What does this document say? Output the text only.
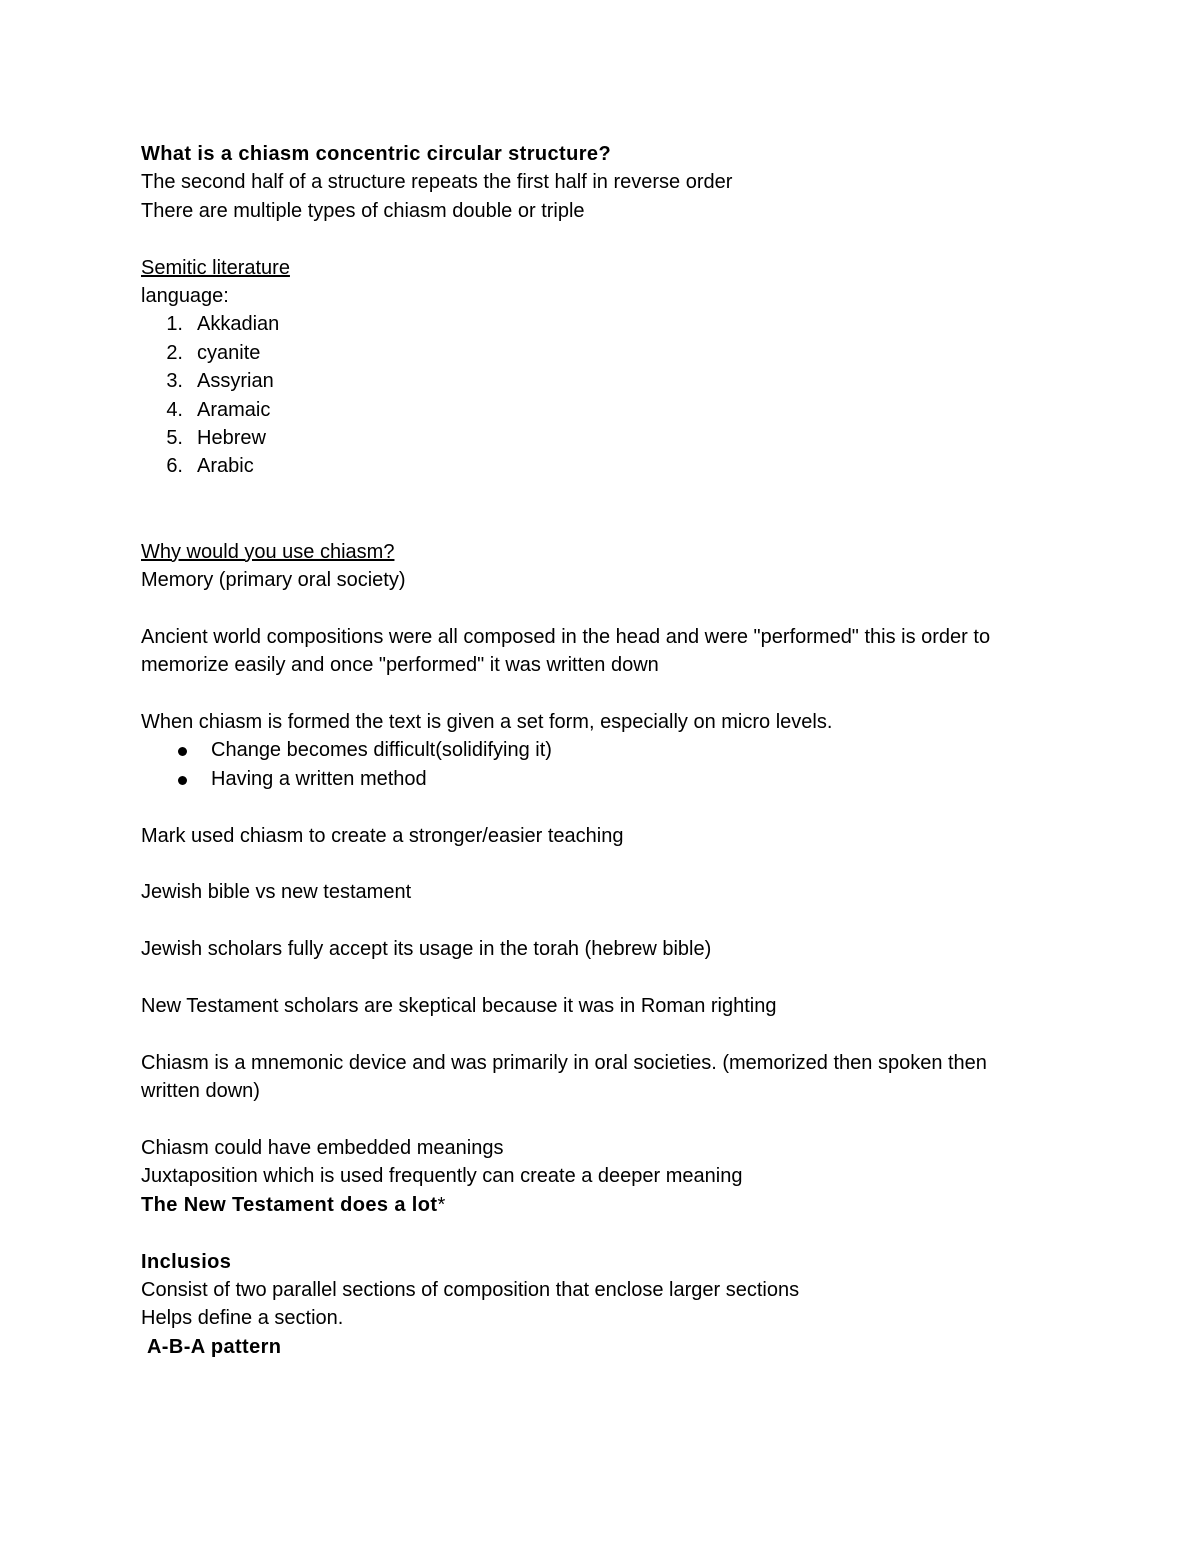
What is a chiasm concentric circular structure?

The second half of a structure repeats the first half in reverse order

There are multiple types of chiasm double or triple

Semitic literature

language:

1. Akkadian
2. cyanite
3. Assyrian
4. Aramaic
5. Hebrew
6. Arabic

Why would you use chiasm?

Memory (primary oral society)

Ancient world compositions were all composed in the head and were "performed" this is order to

memorize easily and once "performed" it was written down

When chiasm is formed the text is given a set form, especially on micro levels.

Change becomes difficult(solidifying it)
Having a written method

Mark used chiasm to create a stronger/easier teaching

Jewish bible vs new testament

Jewish scholars fully accept its usage in the torah (hebrew bible)

New Testament scholars are skeptical because it was in Roman righting

Chiasm is a mnemonic device and was primarily in oral societies. (memorized then spoken then

written down)

Chiasm could have embedded meanings

Juxtaposition which is used frequently can create a deeper meaning

The New Testament does a lot*

Inclusios

Consist of two parallel sections of composition that enclose larger sections

Helps define a section.

A-B-A pattern
